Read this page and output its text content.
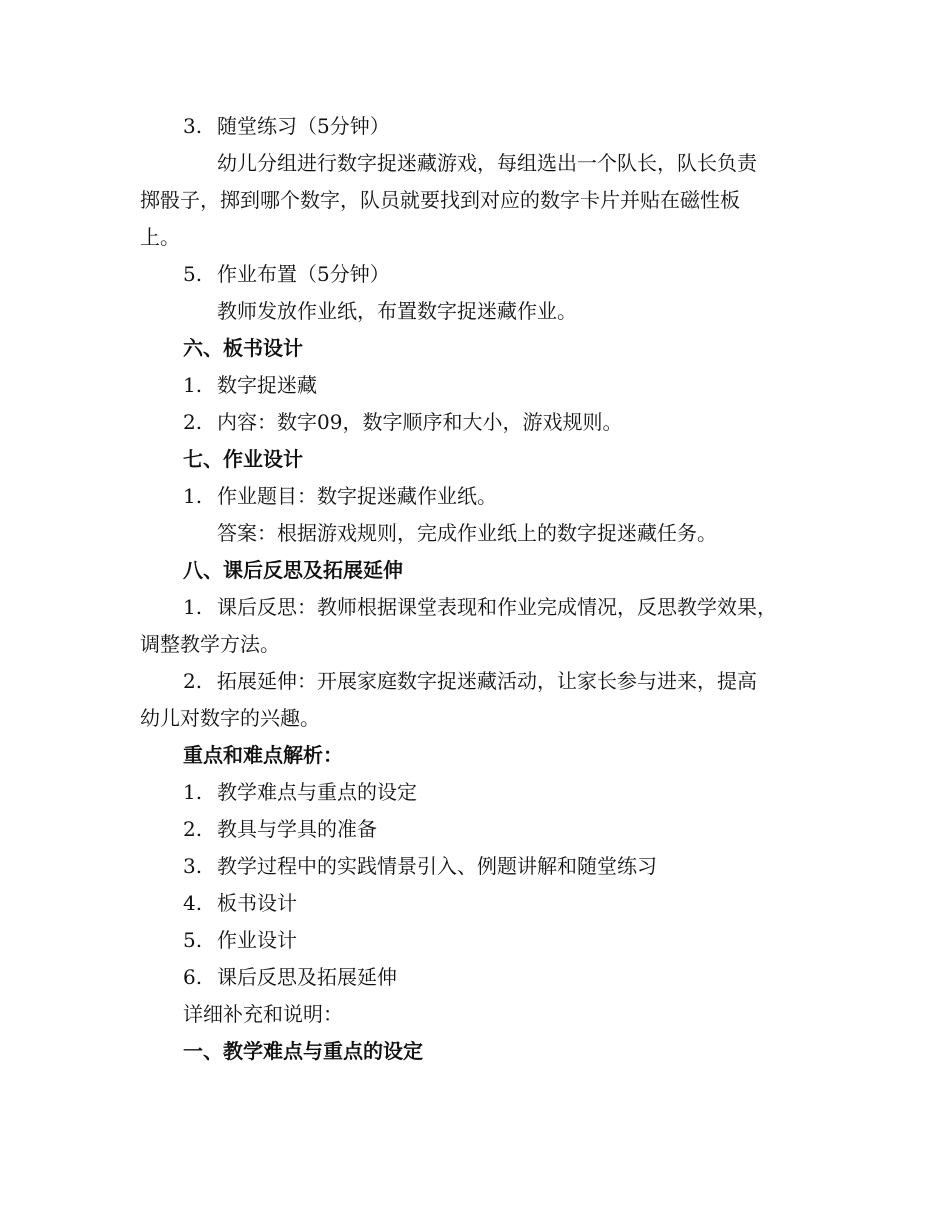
3. 随堂练习（5分钟）
幼儿分组进行数字捉迷藏游戏，每组选出一个队长，队长负责
掷骰子，掷到哪个数字，队员就要找到对应的数字卡片并贴在磁性板
上。
5. 作业布置（5分钟）
教师发放作业纸，布置数字捉迷藏作业。
六、板书设计
1. 数字捉迷藏
2. 内容：数字09，数字顺序和大小，游戏规则。
七、作业设计
1. 作业题目：数字捉迷藏作业纸。
答案：根据游戏规则，完成作业纸上的数字捉迷藏任务。
八、课后反思及拓展延伸
1. 课后反思：教师根据课堂表现和作业完成情况，反思教学效果，
调整教学方法。
2. 拓展延伸：开展家庭数字捉迷藏活动，让家长参与进来，提高
幼儿对数字的兴趣。
重点和难点解析：
1. 教学难点与重点的设定
2. 教具与学具的准备
3. 教学过程中的实践情景引入、例题讲解和随堂练习
4. 板书设计
5. 作业设计
6. 课后反思及拓展延伸
详细补充和说明：
一、教学难点与重点的设定
